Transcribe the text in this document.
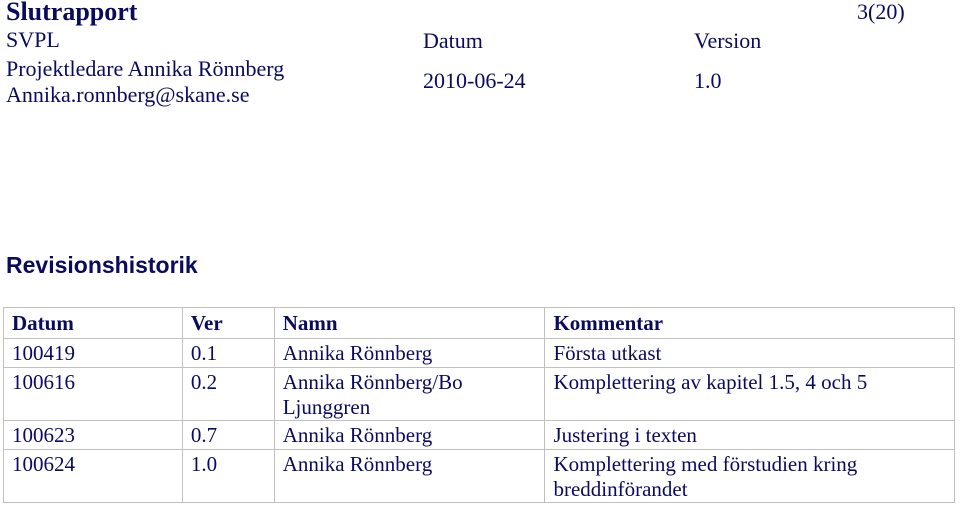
Slutrapport
SVPL
Projektledare Annika Rönnberg
Annika.ronnberg@skane.se
3(20)
Datum
2010-06-24
Version
1.0
Revisionshistorik
Datum	Ver	Namn	Kommentar
100419	0.1	Annika Rönnberg	Första utkast
100616	0.2	Annika Rönnberg/Bo Ljunggren	Komplettering av kapitel 1.5, 4 och 5
100623	0.7	Annika Rönnberg	Justering i texten
100624	1.0	Annika Rönnberg	Komplettering med förstudien kring breddinförandet
